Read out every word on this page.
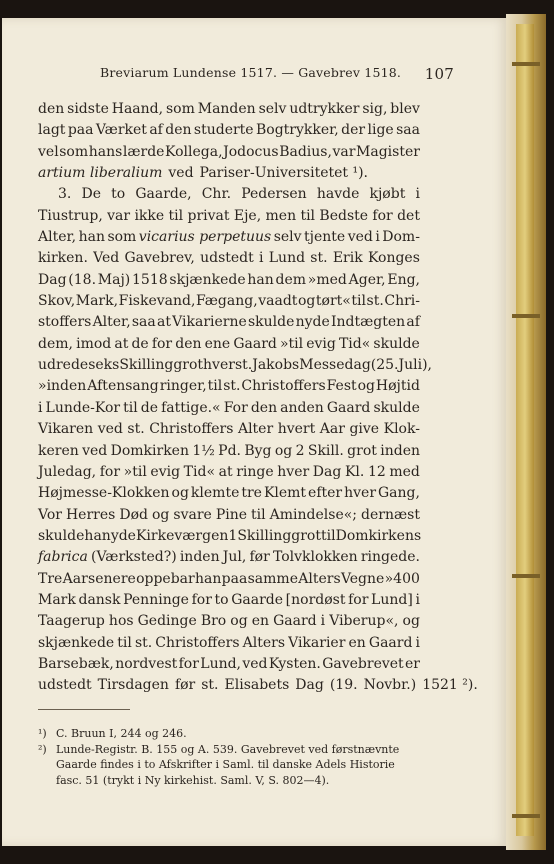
Breviarum Lundense 1517. — Gavebrev 1518. 107
den sidste Haand, som Manden selv udtrykker sig, blev
lagt paa Værket af den studerte Bogtrykker, der lige saa
vel som hans lærde Kollega, Jodocus Badius, var Magister
artium liberalium ved Pariser-Universitetet ¹).
3. De to Gaarde, Chr. Pedersen havde kjøbt i
Tiustrup, var ikke til privat Eje, men til Bedste for det
Alter, han som vicarius perpetuus selv tjente ved i Dom-
kirken. Ved Gavebrev, udstedt i Lund st. Erik Konges
Dag (18. Maj) 1518 skjænkede han dem »med Ager, Eng,
Skov, Mark, Fiskevand, Fægang, vaadt og tørt« til st. Chri-
stoffers Alter, saa at Vikarierne skulde nyde Indtægten af
dem, imod at de for den ene Gaard »til evig Tid« skulde
udrede seks Skilling grot hver st. Jakobs Messedag (25. Juli),
»inden Aftensang ringer, til st. Christoffers Fest og Højtid
i Lunde-Kor til de fattige.« For den anden Gaard skulde
Vikaren ved st. Christoffers Alter hvert Aar give Klok-
keren ved Domkirken 1½ Pd. Byg og 2 Skill. grot inden
Juledag, for »til evig Tid« at ringe hver Dag Kl. 12 med
Højmesse-Klokken og klemte tre Klemt efter hver Gang,
Vor Herres Død og svare Pine til Amindelse«; dernæst
skulde han yde Kirkeværgen 1 Skilling grot til Domkirkens
fabrica (Værksted?) inden Jul, før Tolvklokken ringede.
Tre Aar senere oppebar han paa samme Alters Vegne »400
Mark dansk Penninge for to Gaarde [nordøst for Lund] i
Taagerup hos Gedinge Bro og en Gaard i Viberup«, og
skjænkede til st. Christoffers Alters Vikarier en Gaard i
Barsebæk, nordvest for Lund, ved Kysten. Gavebrevet er
udstedt Tirsdagen før st. Elisabets Dag (19. Novbr.) 1521 ²).
¹) C. Bruun I, 244 og 246.
²) Lunde-Registr. B. 155 og A. 539. Gavebrevet ved førstnævnte
Gaarde findes i to Afskrifter i Saml. til danske Adels Historie
fasc. 51 (trykt i Ny kirkehist. Saml. V, S. 802—4).
